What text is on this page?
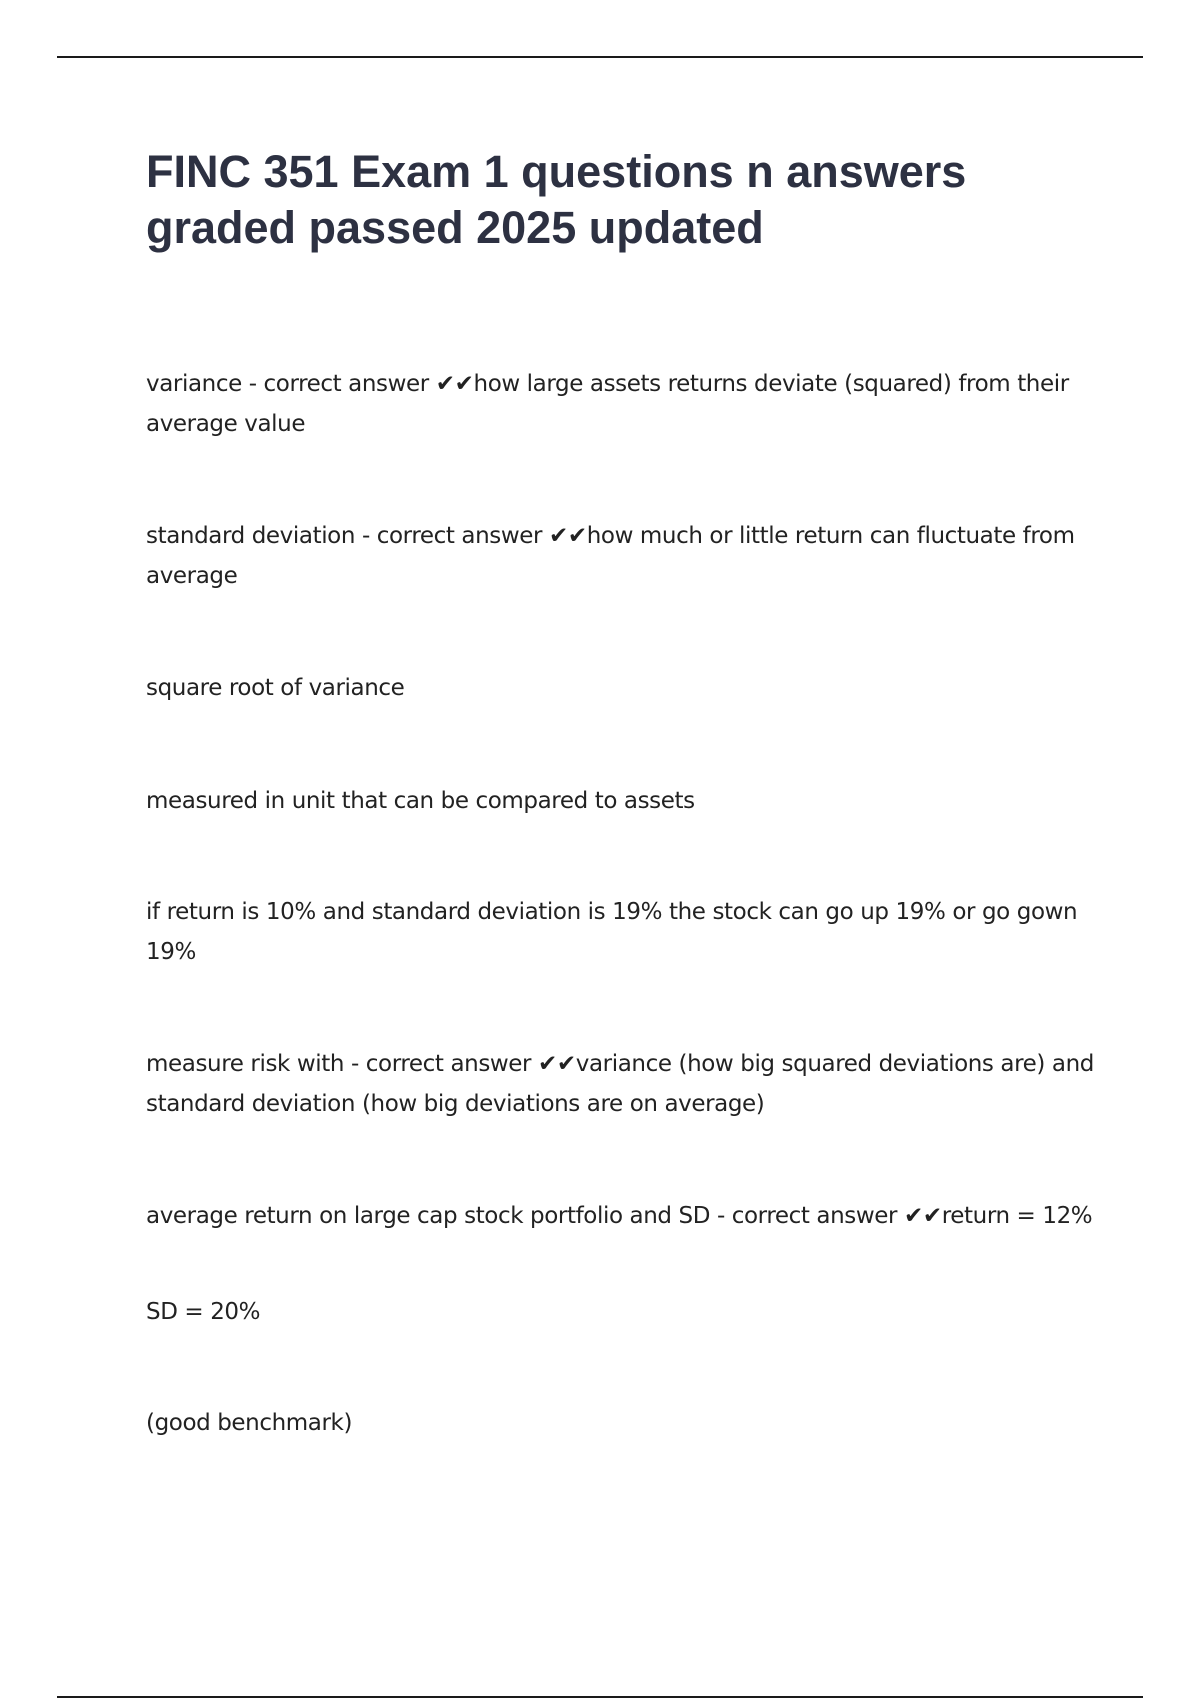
FINC 351 Exam 1 questions n answers graded passed 2025 updated

variance - correct answer ✔✔how large assets returns deviate (squared) from their average value

standard deviation - correct answer ✔✔how much or little return can fluctuate from average

square root of variance

measured in unit that can be compared to assets

if return is 10% and standard deviation is 19% the stock can go up 19% or go gown 19%

measure risk with - correct answer ✔✔variance (how big squared deviations are) and standard deviation (how big deviations are on average)

average return on large cap stock portfolio and SD - correct answer ✔✔return = 12%

SD = 20%

(good benchmark)
